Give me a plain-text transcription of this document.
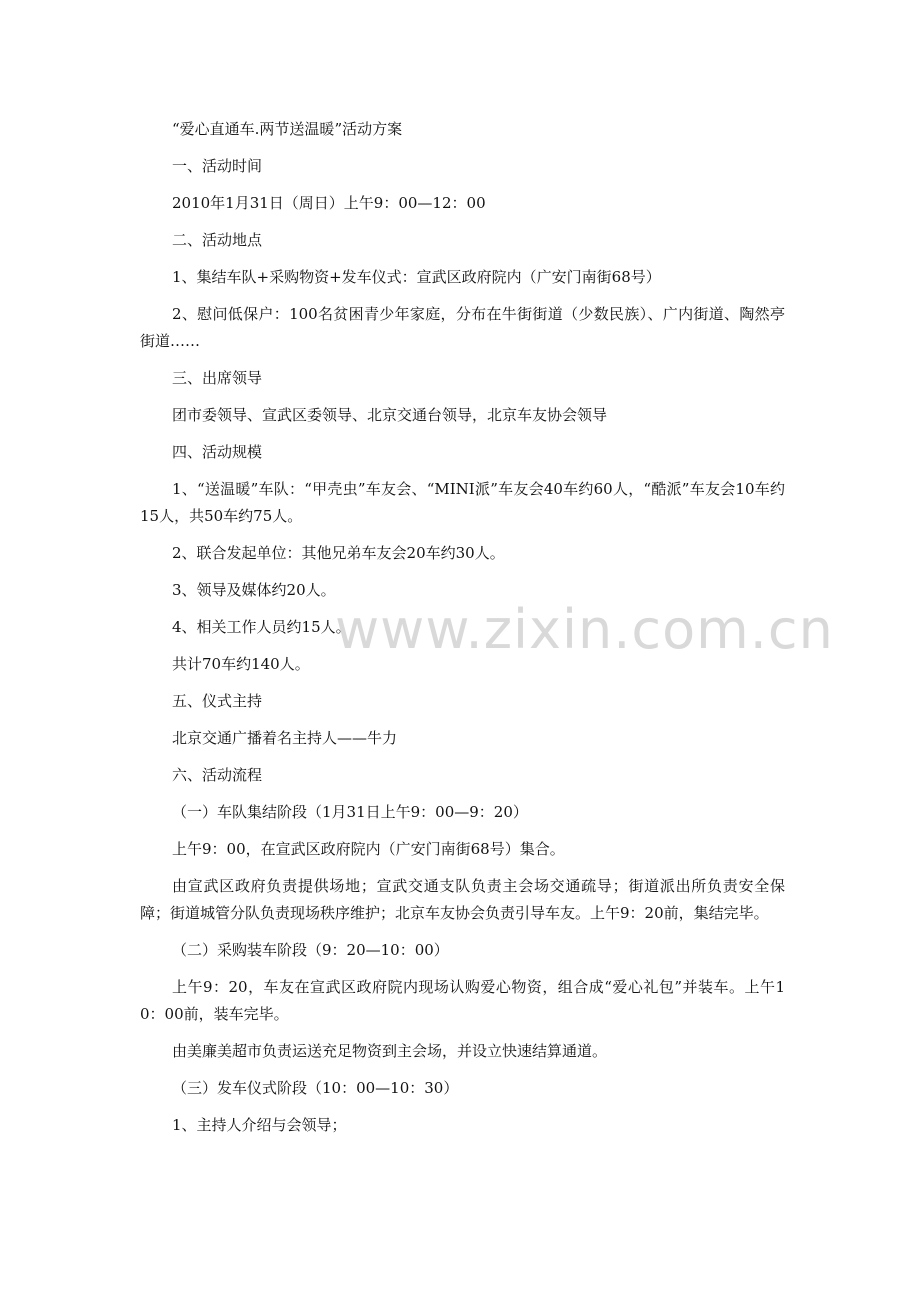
“爱心直通车.两节送温暖”活动方案

一、活动时间

2010年1月31日（周日）上午9：00—12：00

二、活动地点

1、集结车队+采购物资+发车仪式：宣武区政府院内（广安门南街68号）

2、慰问低保户：100名贫困青少年家庭，分布在牛街街道（少数民族）、广内街道、陶然亭街道……

三、出席领导

团市委领导、宣武区委领导、北京交通台领导，北京车友协会领导

四、活动规模

1、“送温暖”车队：“甲壳虫”车友会、“MINI派”车友会40车约60人，“酷派”车友会10车约15人，共50车约75人。

2、联合发起单位：其他兄弟车友会20车约30人。

3、领导及媒体约20人。

4、相关工作人员约15人。

共计70车约140人。

五、仪式主持

北京交通广播着名主持人——牛力

六、活动流程

（一）车队集结阶段（1月31日上午9：00—9：20）

上午9：00，在宣武区政府院内（广安门南街68号）集合。

由宣武区政府负责提供场地；宣武交通支队负责主会场交通疏导；街道派出所负责安全保障；街道城管分队负责现场秩序维护；北京车友协会负责引导车友。上午9：20前，集结完毕。

（二）采购装车阶段（9：20—10：00）

上午9：20，车友在宣武区政府院内现场认购爱心物资，组合成“爱心礼包”并装车。上午10：00前，装车完毕。

由美廉美超市负责运送充足物资到主会场，并设立快速结算通道。

（三）发车仪式阶段（10：00—10：30）

1、主持人介绍与会领导；

www.zixin.com.cn
